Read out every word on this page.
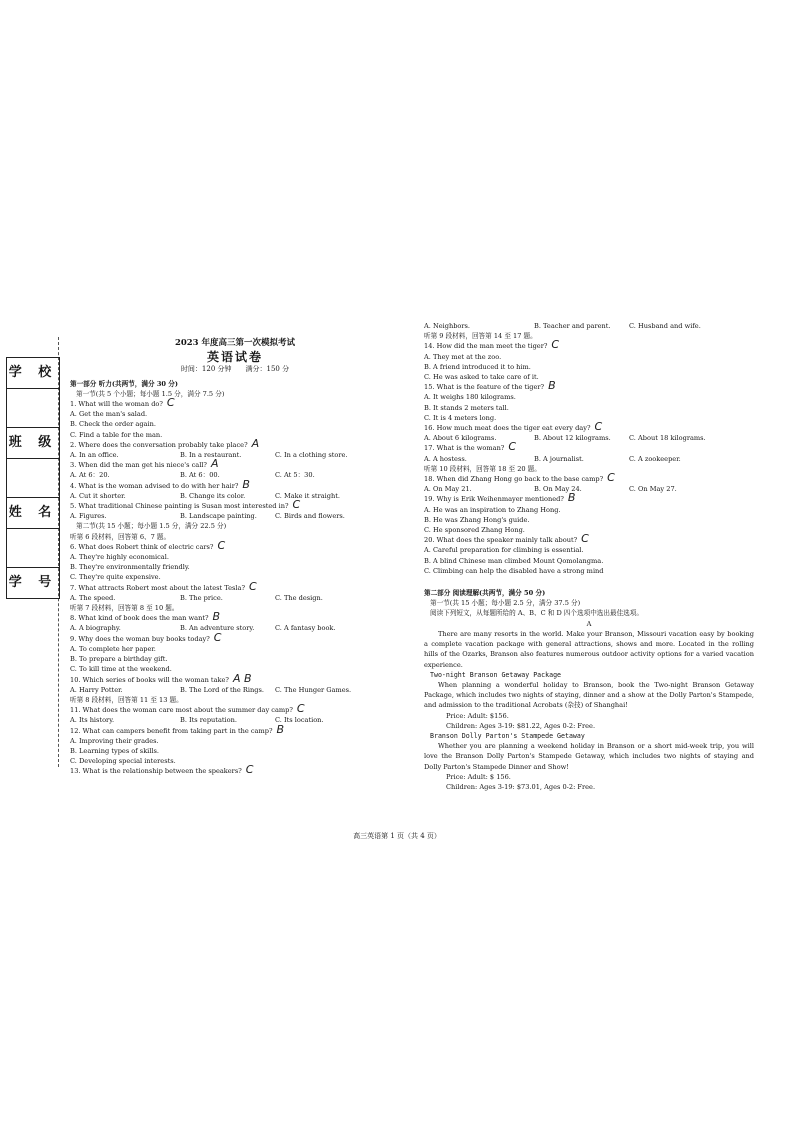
学 校
班 级
姓 名
学 号
2023 年度高三第一次模拟考试
英语试卷
时间：120 分钟　　满分：150 分
第一部分 听力(共两节，满分 30 分)
第一节(共 5 个小题；每小题 1.5 分，满分 7.5 分)
1. What will the woman do? C
A. Get the man's salad.
B. Check the order again.
C. Find a table for the man.
2. Where does the conversation probably take place? A
A. In an office.	B. In a restaurant.	C. In a clothing store.
3. When did the man get his niece's call? A
A. At 6：20.	B. At 6：00.	C. At 5：30.
4. What is the woman advised to do with her hair? B
A. Cut it shorter.	B. Change its color.	C. Make it straight.
5. What traditional Chinese painting is Susan most interested in? C
A. Figures.	B. Landscape painting.	C. Birds and flowers.
第二节(共 15 小题；每小题 1.5 分，满分 22.5 分)
听第 6 段材料，回答第 6、7 题。
6. What does Robert think of electric cars? C
A. They're highly economical.
B. They're environmentally friendly.
C. They're quite expensive.
7. What attracts Robert most about the latest Tesla? C
A. The speed.	B. The price.	C. The design.
听第 7 段材料，回答第 8 至 10 题。
8. What kind of book does the man want? B
A. A biography.	B. An adventure story.	C. A fantasy book.
9. Why does the woman buy books today? C
A. To complete her paper.
B. To prepare a birthday gift.
C. To kill time at the weekend.
10. Which series of books will the woman take? A B
A. Harry Potter.	B. The Lord of the Rings.	C. The Hunger Games.
听第 8 段材料，回答第 11 至 13 题。
11. What does the woman care most about the summer day camp? C
A. Its history.	B. Its reputation.	C. Its location.
12. What can campers benefit from taking part in the camp? B
A. Improving their grades.
B. Learning types of skills.
C. Developing special interests.
13. What is the relationship between the speakers? C
A. Neighbors.	B. Teacher and parent.	C. Husband and wife.
听第 9 段材料，回答第 14 至 17 题。
14. How did the man meet the tiger? C
A. They met at the zoo.
B. A friend introduced it to him.
C. He was asked to take care of it.
15. What is the feature of the tiger? B
A. It weighs 180 kilograms.
B. It stands 2 meters tall.
C. It is 4 meters long.
16. How much meat does the tiger eat every day? C
A. About 6 kilograms.	B. About 12 kilograms.	C. About 18 kilograms.
17. What is the woman? C
A. A hostess.	B. A journalist.	C. A zookeeper.
听第 10 段材料，回答第 18 至 20 题。
18. When did Zhang Hong go back to the base camp? C
A. On May 21.	B. On May 24.	C. On May 27.
19. Why is Erik Weihenmayer mentioned? B
A. He was an inspiration to Zhang Hong.
B. He was Zhang Hong's guide.
C. He sponsored Zhang Hong.
20. What does the speaker mainly talk about? C
A. Careful preparation for climbing is essential.
B. A blind Chinese man climbed Mount Qomolangma.
C. Climbing can help the disabled have a strong mind
第二部分 阅读理解(共两节，满分 50 分)
第一节(共 15 小题；每小题 2.5 分，满分 37.5 分)
阅读下列短文，从每题所给的 A、B、C 和 D 四个选项中选出最佳选项。
A
There are many resorts in the world. Make your Branson, Missouri vacation easy by booking a complete vacation package with general attractions, shows and more. Located in the rolling hills of the Ozarks, Branson also features numerous outdoor activity options for a varied vacation experience.
Two-night Branson Getaway Package
When planning a wonderful holiday to Branson, book the Two-night Branson Getaway Package, which includes two nights of staying, dinner and a show at the Dolly Parton's Stampede, and admission to the traditional Acrobats (杂技) of Shanghai!
Price: Adult: $156.
Children: Ages 3-19: $81.22, Ages 0-2: Free.
Branson Dolly Parton's Stampede Getaway
Whether you are planning a weekend holiday in Branson or a short mid-week trip, you will love the Branson Dolly Parton's Stampede Getaway, which includes two nights of staying and Dolly Parton's Stampede Dinner and Show!
Price: Adult: $ 156.
Children: Ages 3-19: $73.01, Ages 0-2: Free.
高三英语第 1 页（共 4 页）
